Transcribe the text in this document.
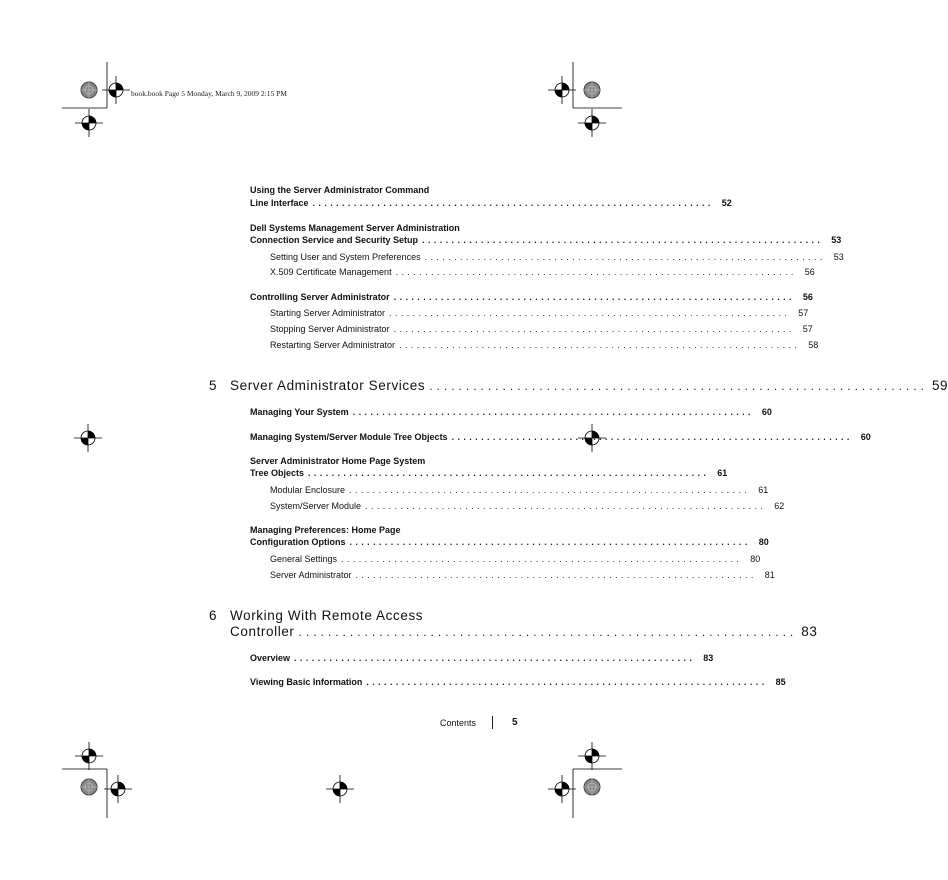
book.book Page 5 Monday, March 9, 2009 2:15 PM
Using the Server Administrator Command
Line Interface .................................................................... 52
Dell Systems Management Server Administration
Connection Service and Security Setup .................................................................... 53
Setting User and System Preferences .................................................................... 53
X.509 Certificate Management .................................................................... 56
Controlling Server Administrator .................................................................... 56
Starting Server Administrator .................................................................... 57
Stopping Server Administrator .................................................................... 57
Restarting Server Administrator .................................................................... 58
5 Server Administrator Services .................................................................... 59
Managing Your System .................................................................... 60
Managing System/Server Module Tree Objects .................................................................... 60
Server Administrator Home Page System
Tree Objects .................................................................... 61
Modular Enclosure .................................................................... 61
System/Server Module .................................................................... 62
Managing Preferences: Home Page
Configuration Options .................................................................... 80
General Settings .................................................................... 80
Server Administrator .................................................................... 81
6 Working With Remote Access
Controller .................................................................... 83
Overview .................................................................... 83
Viewing Basic Information .................................................................... 85
Contents	5
